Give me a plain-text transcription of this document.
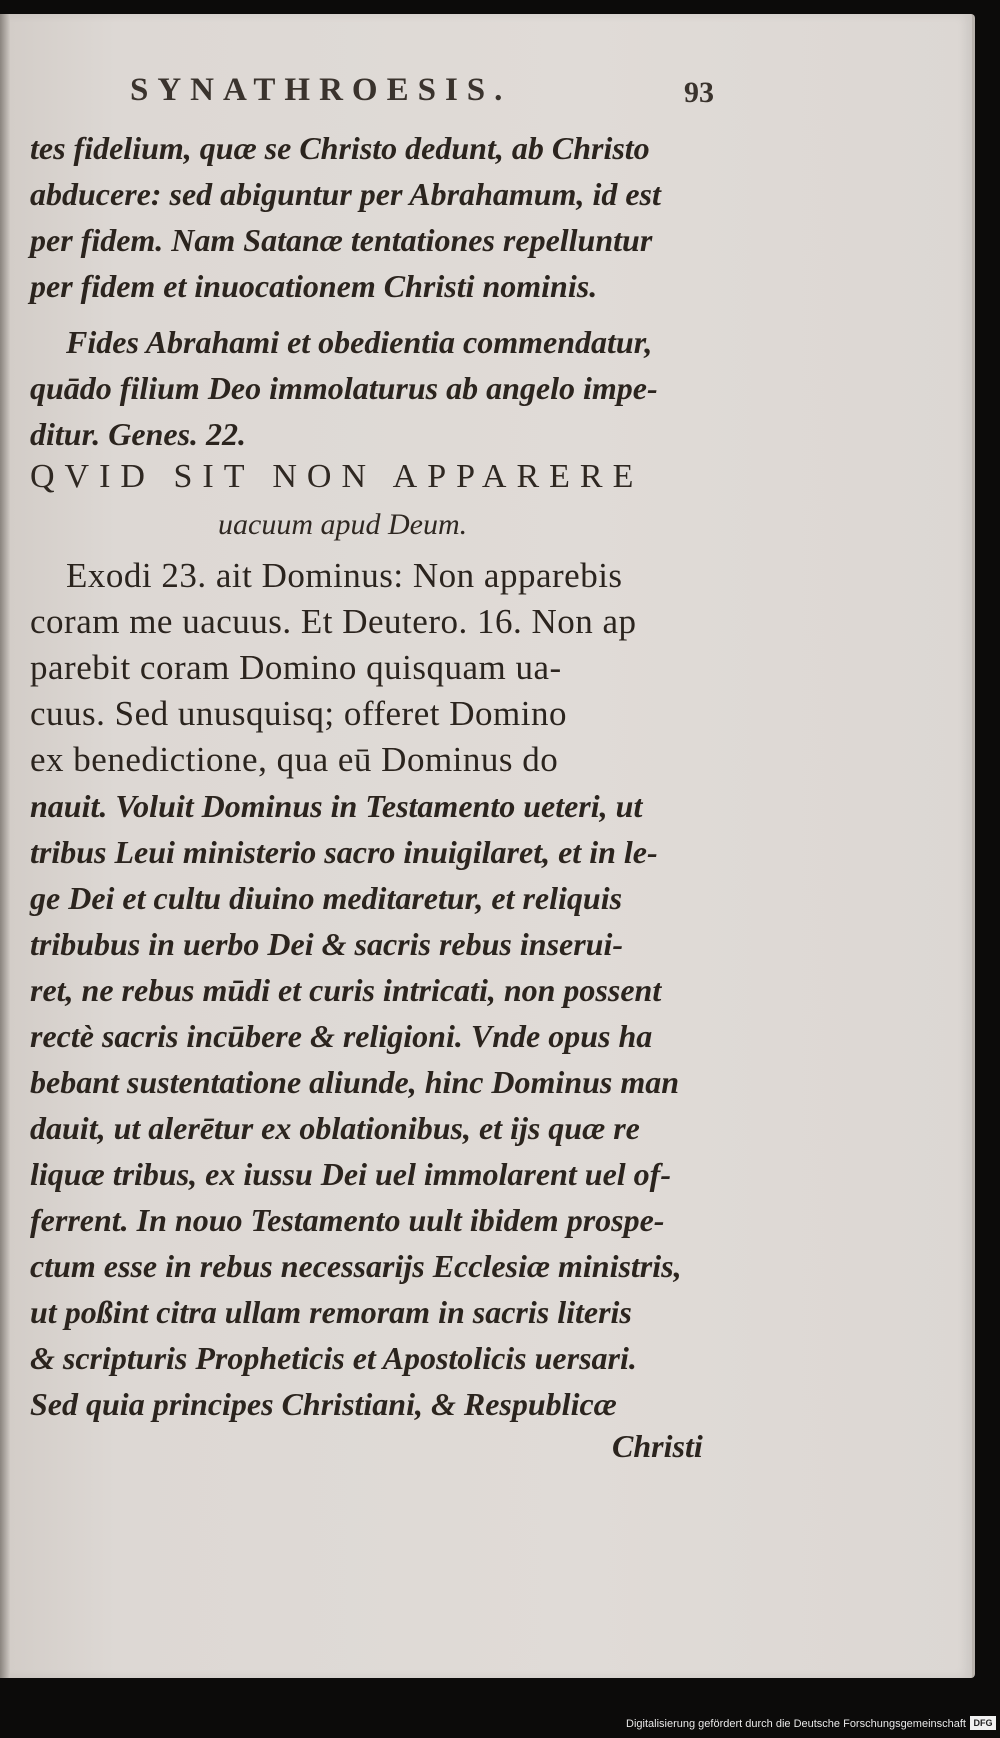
SYNATHROESIS.	93
tes fidelium, quæ se Christo dedunt, ab Christo
abducere: sed abiguntur per Abrahamum, id est
per fidem. Nam Satanæ tentationes repelluntur
per fidem et inuocationem Christi nominis.
Fides Abrahami et obedientia commendatur,
quādo filium Deo immolaturus ab angelo impe-
ditur. Genes. 22.
QVID SIT NON APPARERE
uacuum apud Deum.
Exodi 23. ait Dominus: Non apparebis
coram me uacuus. Et Deutero. 16. Non ap
parebit coram Domino quisquam ua-
cuus. Sed unusquisq; offeret Domino
ex benedictione, qua eū Dominus do
nauit. Voluit Dominus in Testamento ueteri, ut
tribus Leui ministerio sacro inuigilaret, et in le-
ge Dei et cultu diuino meditaretur, et reliquis
tribubus in uerbo Dei & sacris rebus inserui-
ret, ne rebus mūdi et curis intricati, non possent
rectè sacris incūbere & religioni. Vnde opus ha
bebant sustentatione aliunde, hinc Dominus man
dauit, ut alerētur ex oblationibus, et ijs quæ re
liquæ tribus, ex iussu Dei uel immolarent uel of-
ferrent. In nouo Testamento uult ibidem prospe-
ctum esse in rebus necessarijs Ecclesiæ ministris,
ut poßint citra ullam remoram in sacris literis
& scripturis Propheticis et Apostolicis uersari.
Sed quia principes Christiani, & Respublicæ
Christi
Digitalisierung gefördert durch die Deutsche Forschungsgemeinschaft DFG
